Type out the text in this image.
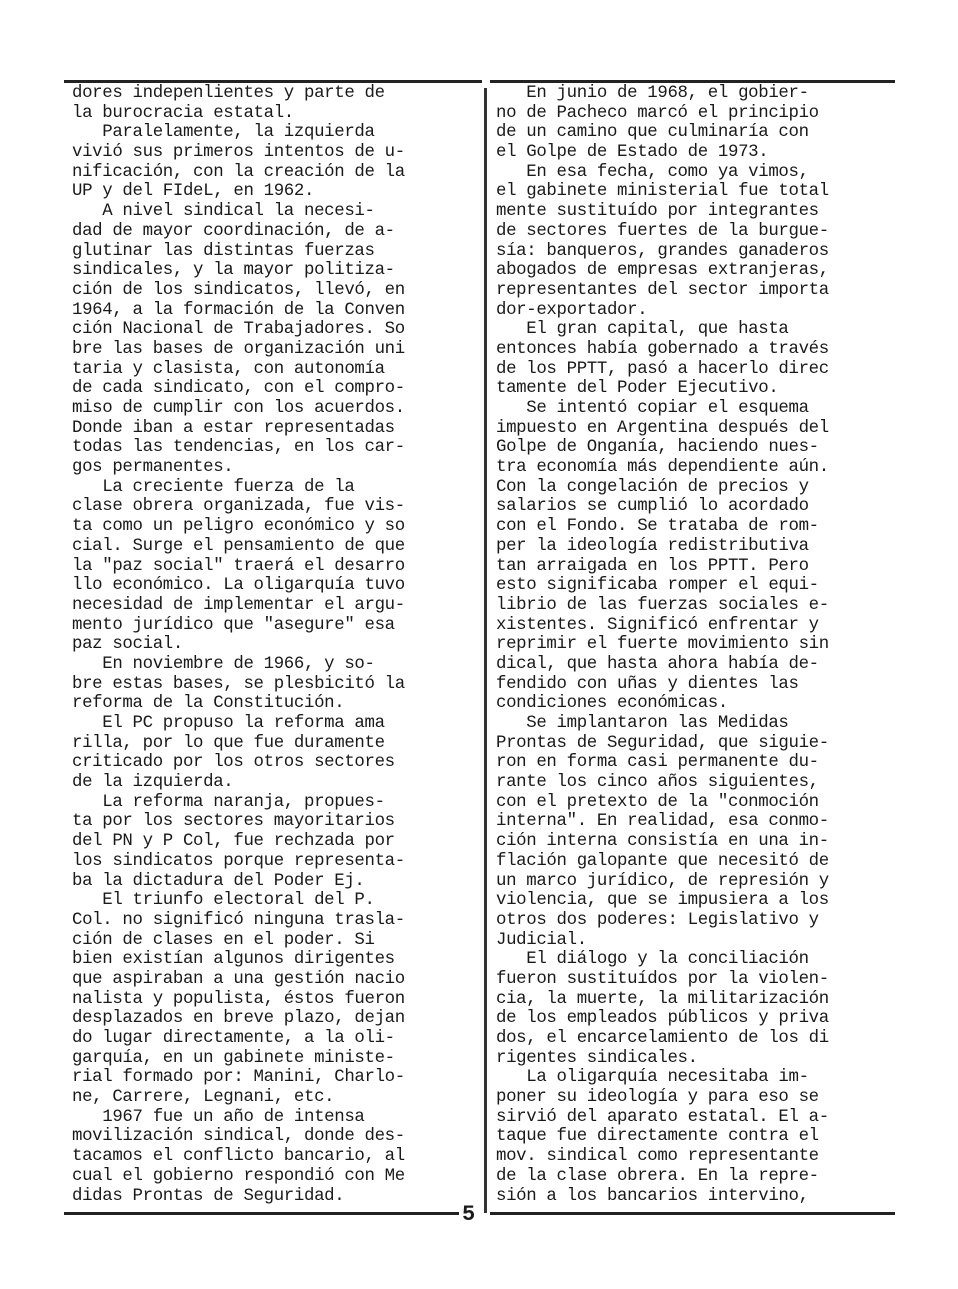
dores indepenlientes y parte de
la burocracia estatal.
Paralelamente, la izquierda
vivió sus primeros intentos de u-
nificación, con la creación de la
UP y del FIdeL, en 1962.
A nivel sindical la necesi-
dad de mayor coordinación, de a-
glutinar las distintas fuerzas
sindicales, y la mayor politiza-
ción de los sindicatos, llevó, en
1964, a la formación de la Conven
ción Nacional de Trabajadores. So
bre las bases de organización uni
taria y clasista, con autonomía
de cada sindicato, con el compro-
miso de cumplir con los acuerdos.
Donde iban a estar representadas
todas las tendencias, en los car-
gos permanentes.
La creciente fuerza de la
clase obrera organizada, fue vis-
ta como un peligro económico y so
cial. Surge el pensamiento de que
la "paz social" traerá el desarro
llo económico. La oligarquía tuvo
necesidad de implementar el argu-
mento jurídico que "asegure" esa
paz social.
En noviembre de 1966, y so-
bre estas bases, se plesbicitó la
reforma de la Constitución.
El PC propuso la reforma ama
rilla, por lo que fue duramente
criticado por los otros sectores
de la izquierda.
La reforma naranja, propues-
ta por los sectores mayoritarios
del PN y P Col, fue rechzada por
los sindicatos porque representa-
ba la dictadura del Poder Ej.
El triunfo electoral del P.
Col. no significó ninguna trasla-
ción de clases en el poder. Si
bien existían algunos dirigentes
que aspiraban a una gestión nacio
nalista y populista, éstos fueron
desplazados en breve plazo, dejan
do lugar directamente, a la oli-
garquía, en un gabinete ministe-
rial formado por: Manini, Charlo-
ne, Carrere, Legnani, etc.
1967 fue un año de intensa
movilización sindical, donde des-
tacamos el conflicto bancario, al
cual el gobierno respondió con Me
didas Prontas de Seguridad.
En junio de 1968, el gobier-
no de Pacheco marcó el principio
de un camino que culminaría con
el Golpe de Estado de 1973.
En esa fecha, como ya vimos,
el gabinete ministerial fue total
mente sustituído por integrantes
de sectores fuertes de la burgue-
sía: banqueros, grandes ganaderos
abogados de empresas extranjeras,
representantes del sector importa
dor-exportador.
El gran capital, que hasta
entonces había gobernado a través
de los PPTT, pasó a hacerlo direc
tamente del Poder Ejecutivo.
Se intentó copiar el esquema
impuesto en Argentina después del
Golpe de Onganía, haciendo nues-
tra economía más dependiente aún.
Con la congelación de precios y
salarios se cumplió lo acordado
con el Fondo. Se trataba de rom-
per la ideología redistributiva
tan arraigada en los PPTT. Pero
esto significaba romper el equi-
librio de las fuerzas sociales e-
xistentes. Significó enfrentar y
reprimir el fuerte movimiento sin
dical, que hasta ahora había de-
fendido con uñas y dientes las
condiciones económicas.
Se implantaron las Medidas
Prontas de Seguridad, que siguie-
ron en forma casi permanente du-
rante los cinco años siguientes,
con el pretexto de la "conmoción
interna". En realidad, esa conmo-
ción interna consistía en una in-
flación galopante que necesitó de
un marco jurídico, de represión y
violencia, que se impusiera a los
otros dos poderes: Legislativo y
Judicial.
El diálogo y la conciliación
fueron sustituídos por la violen-
cia, la muerte, la militarización
de los empleados públicos y priva
dos, el encarcelamiento de los di
rigentes sindicales.
La oligarquía necesitaba im-
poner su ideología y para eso se
sirvió del aparato estatal. El a-
taque fue directamente contra el
mov. sindical como representante
de la clase obrera. En la repre-
sión a los bancarios intervino,
5
